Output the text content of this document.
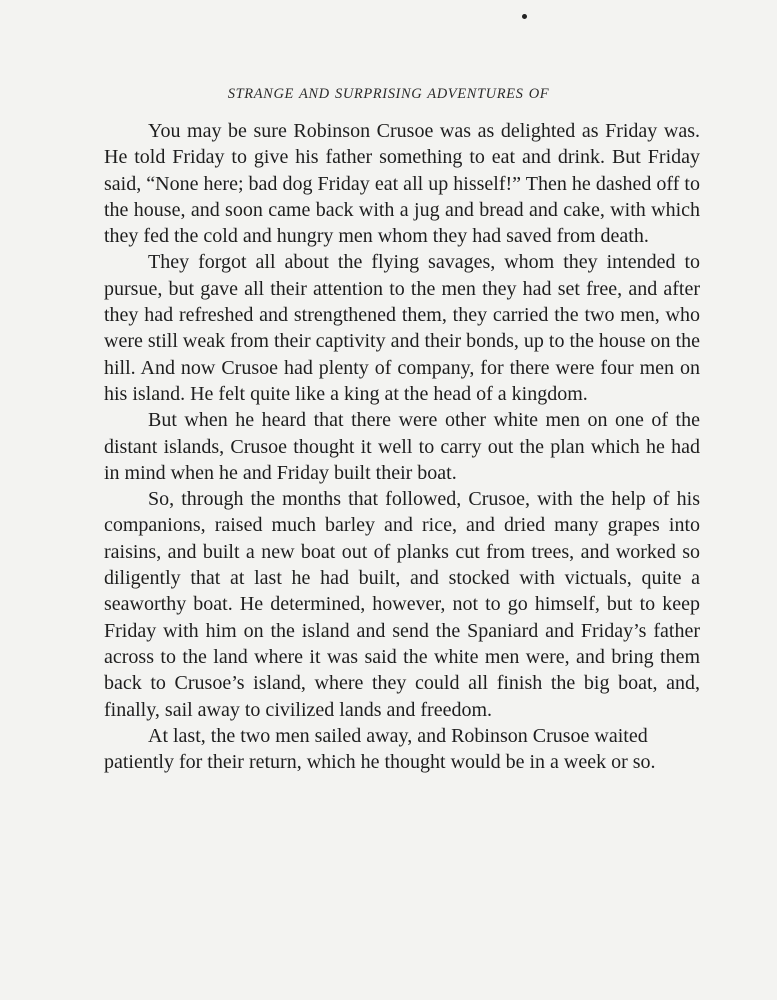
STRANGE AND SURPRISING ADVENTURES OF

You may be sure Robinson Crusoe was as delighted as Friday was. He told Friday to give his father something to eat and drink. But Friday said, “None here; bad dog Friday eat all up hisself!” Then he dashed off to the house, and soon came back with a jug and bread and cake, with which they fed the cold and hungry men whom they had saved from death.

They forgot all about the flying savages, whom they intended to pursue, but gave all their attention to the men they had set free, and after they had refreshed and strengthened them, they carried the two men, who were still weak from their captivity and their bonds, up to the house on the hill. And now Crusoe had plenty of company, for there were four men on his island. He felt quite like a king at the head of a kingdom.

But when he heard that there were other white men on one of the distant islands, Crusoe thought it well to carry out the plan which he had in mind when he and Friday built their boat.

So, through the months that followed, Crusoe, with the help of his companions, raised much barley and rice, and dried many grapes into raisins, and built a new boat out of planks cut from trees, and worked so diligently that at last he had built, and stocked with victuals, quite a seaworthy boat. He determined, however, not to go himself, but to keep Friday with him on the island and send the Spaniard and Friday’s father across to the land where it was said the white men were, and bring them back to Crusoe’s island, where they could all finish the big boat, and, finally, sail away to civilized lands and freedom.

At last, the two men sailed away, and Robinson Crusoe waited patiently for their return, which he thought would be in a week or so.
